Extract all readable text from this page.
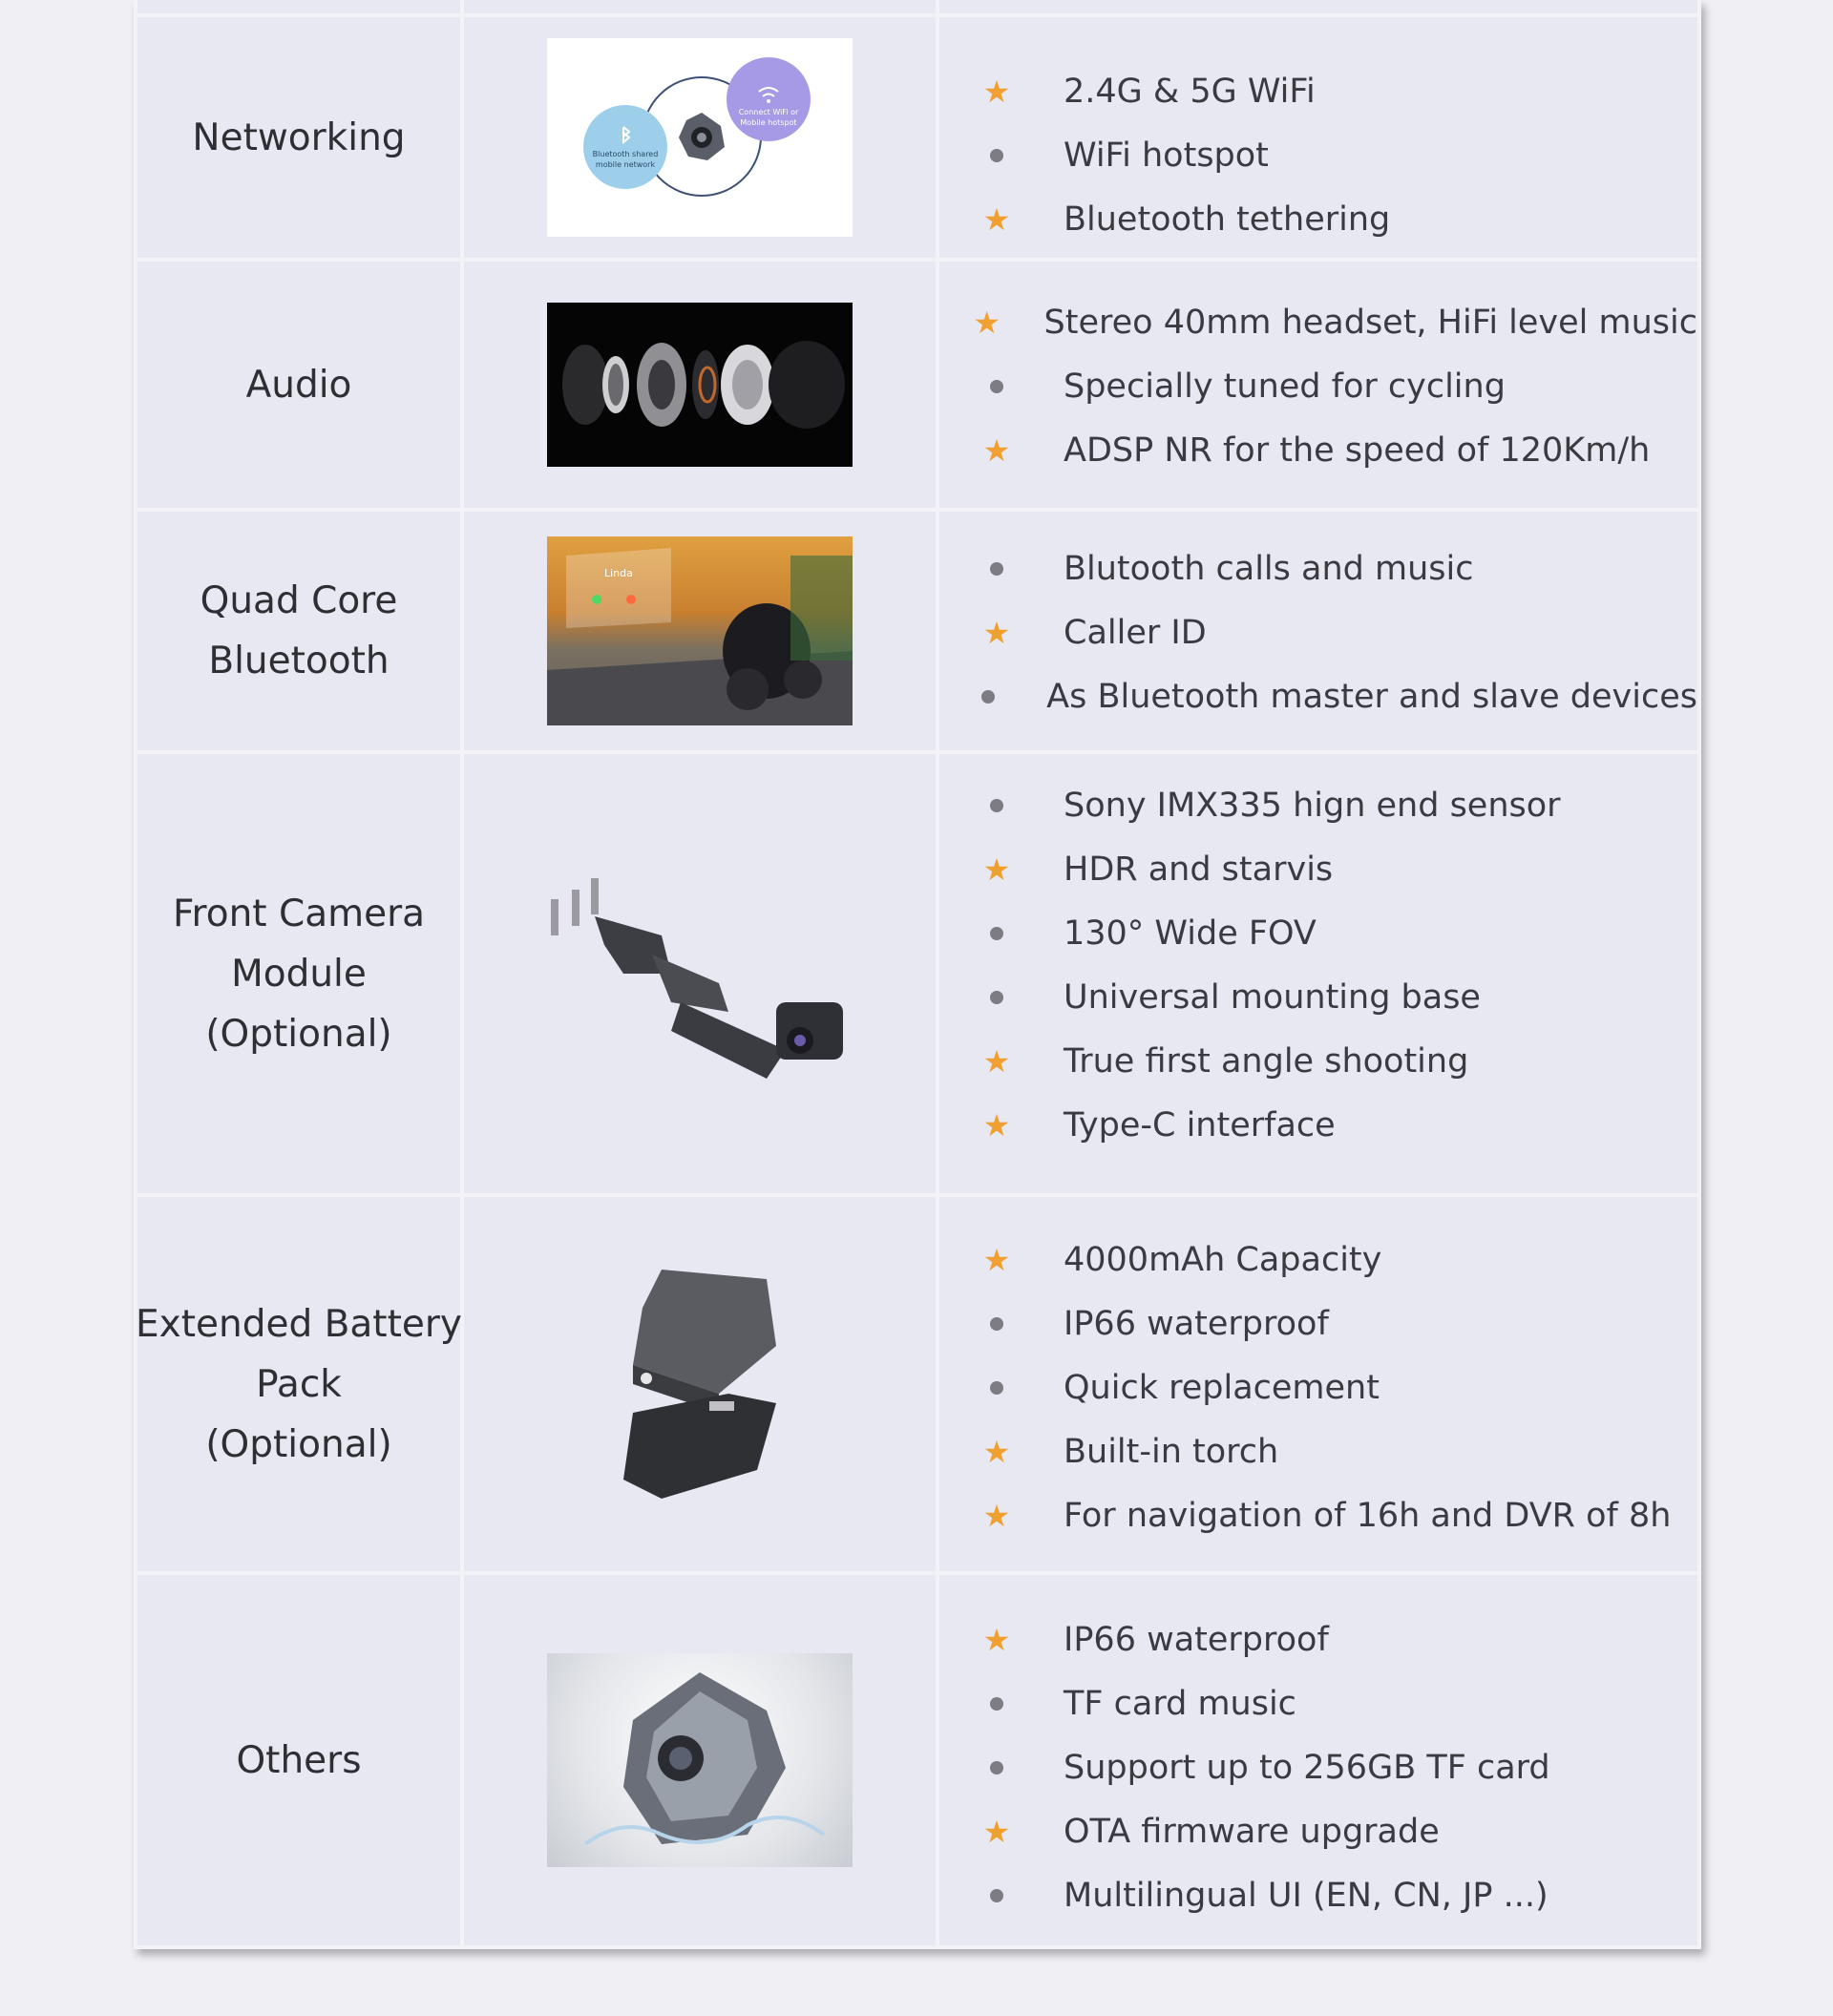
Networking	Bluetooth shared
mobile network
Connect WiFi or
Mobile hotspot
★ 2.4G & 5G WiFi
WiFi hotspot
★ Bluetooth tethering
Audio
★ Stereo 40mm headset, HiFi level music
Specially tuned for cycling
★ ADSP NR for the speed of 120Km/h
Quad Core
Bluetooth
Linda	Blutooth calls and music
★ Caller ID
As Bluetooth master and slave devices
Front Camera
Module
(Optional)
Sony IMX335 hign end sensor
★ HDR and starvis
130° Wide FOV
Universal mounting base
★ True first angle shooting
★ Type-C interface
Extended Battery
Pack
(Optional)
★ 4000mAh Capacity
IP66 waterproof
Quick replacement
★ Built-in torch
★ For navigation of 16h and DVR of 8h
Others
★ IP66 waterproof
TF card music
Support up to 256GB TF card
★ OTA firmware upgrade
Multilingual UI (EN, CN, JP ...)
